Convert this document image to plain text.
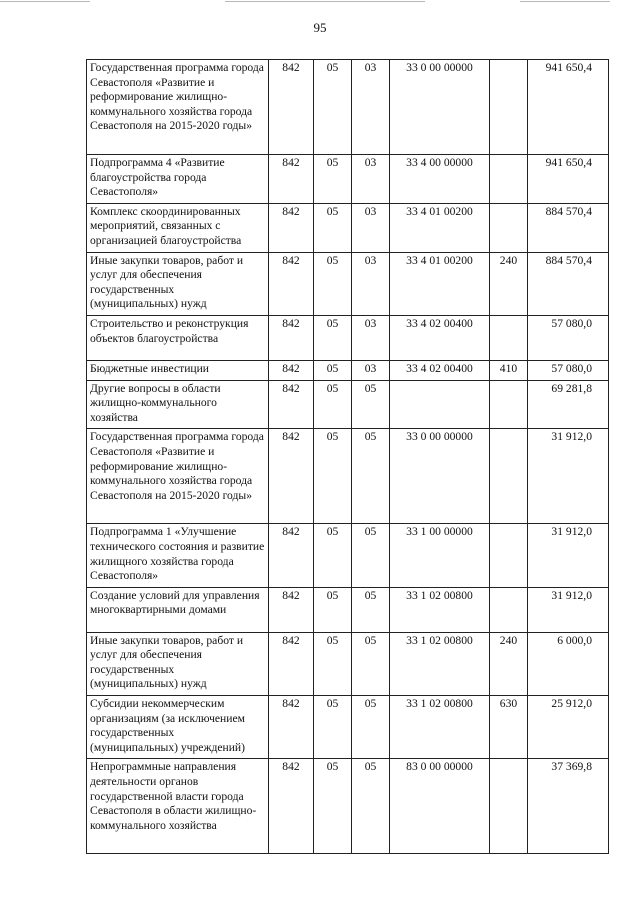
95
Государственная программа города Севастополя «Развитие и реформирование жилищно-коммунального хозяйства города Севастополя на 2015-2020 годы»	842	05	03	33 0 00 00000		941 650,4
Подпрограмма 4 «Развитие благоустройства города Севастополя»	842	05	03	33 4 00 00000		941 650,4
Комплекс скоординированных мероприятий, связанных с организацией благоустройства	842	05	03	33 4 01 00200		884 570,4
Иные закупки товаров, работ и услуг для обеспечения государственных (муниципальных) нужд	842	05	03	33 4 01 00200	240	884 570,4
Строительство и реконструкция объектов благоустройства	842	05	03	33 4 02 00400		57 080,0
Бюджетные инвестиции	842	05	03	33 4 02 00400	410	57 080,0
Другие вопросы в области жилищно-коммунального хозяйства	842	05	05			69 281,8
Государственная программа города Севастополя «Развитие и реформирование жилищно-коммунального хозяйства города Севастополя на 2015-2020 годы»	842	05	05	33 0 00 00000		31 912,0
Подпрограмма 1 «Улучшение технического состояния и развитие жилищного хозяйства города Севастополя»	842	05	05	33 1 00 00000		31 912,0
Создание условий для управления многоквартирными домами	842	05	05	33 1 02 00800		31 912,0
Иные закупки товаров, работ и услуг для обеспечения государственных (муниципальных) нужд	842	05	05	33 1 02 00800	240	6 000,0
Субсидии некоммерческим организациям (за исключением государственных (муниципальных) учреждений)	842	05	05	33 1 02 00800	630	25 912,0
Непрограммные направления деятельности органов государственной власти города Севастополя в области жилищно-коммунального хозяйства	842	05	05	83 0 00 00000		37 369,8
